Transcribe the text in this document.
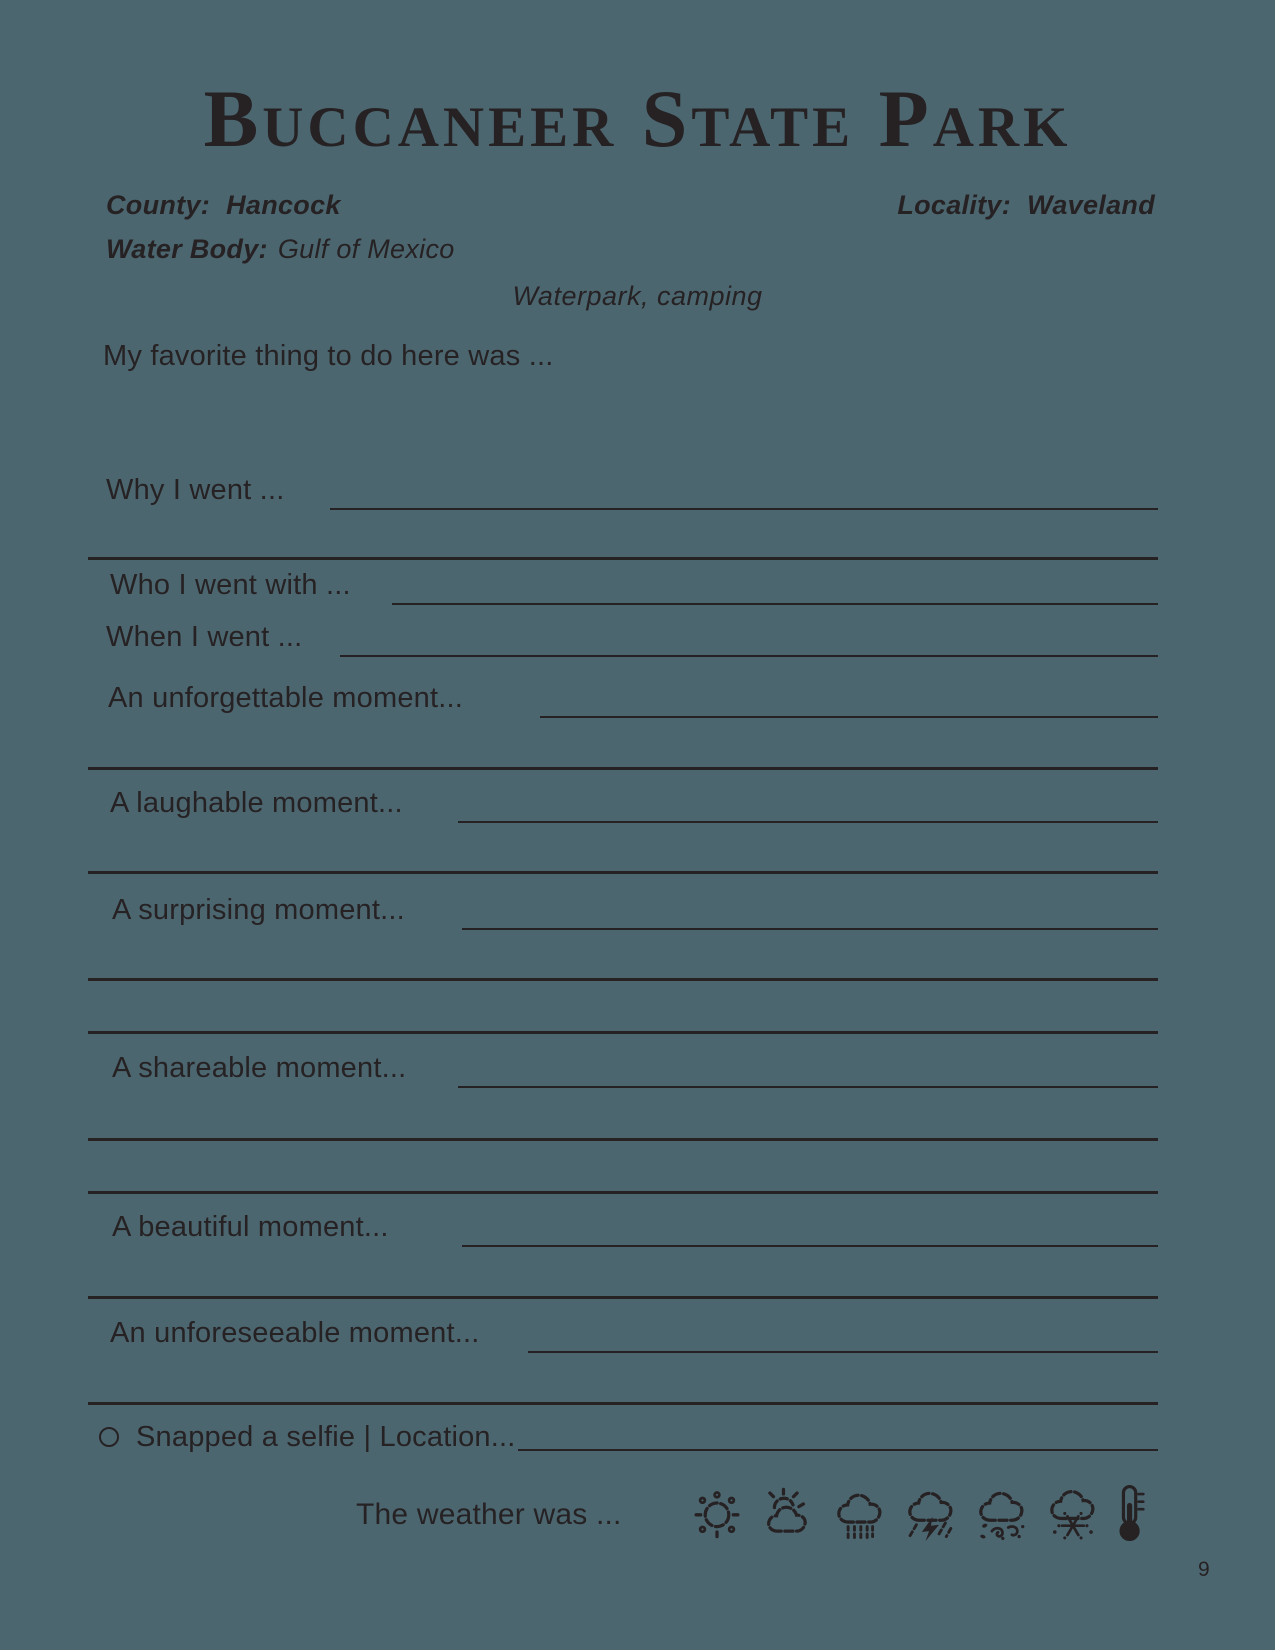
Buccaneer State Park
County: Hancock	Locality: Waveland
Water Body: Gulf of Mexico
Waterpark, camping
My favorite thing to do here was ...
Why I went ...
Who I went with ...
When I went ...
An unforgettable moment...
A laughable moment...
A surprising moment...
A shareable moment...
A beautiful moment...
An unforeseeable moment...
Snapped a selfie | Location...
The weather was ...
9
